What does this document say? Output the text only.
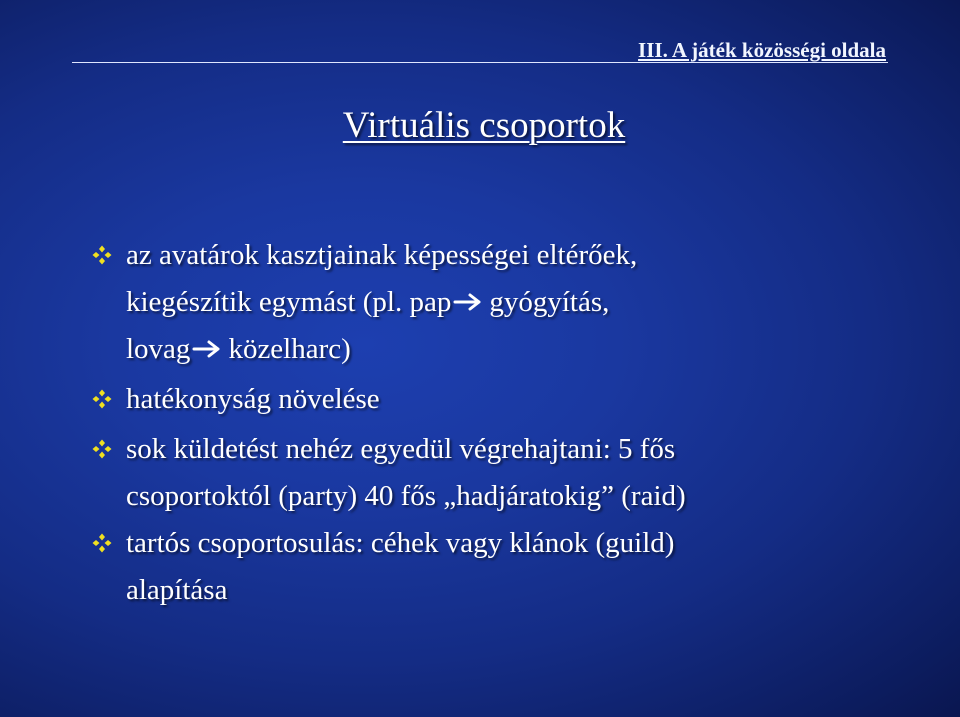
III. A játék közösségi oldala
Virtuális csoportok
az avatárok kasztjainak képességei eltérőek,
kiegészítik egymást (pl. pap gyógyítás,
lovag közelharc)
hatékonyság növelése
sok küldetést nehéz egyedül végrehajtani: 5 fős
csoportoktól (party) 40 fős „hadjáratokig” (raid)
tartós csoportosulás: céhek vagy klánok (guild)
alapítása
